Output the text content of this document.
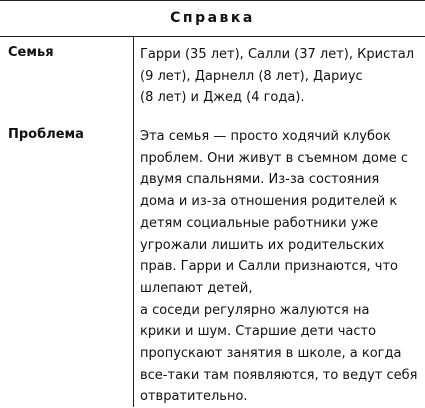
Справка
Семья	Гарри (35 лет), Салли (37 лет), Кристал
(9 лет), Дарнелл (8 лет), Дариус
(8 лет) и Джед (4 года).
Проблема	Эта семья — просто ходячий клубок
проблем. Они живут в съемном доме с
двумя спальнями. Из-за состояния
дома и из-за отношения родителей к
детям социальные работники уже
угрожали лишить их родительских
прав. Гарри и Салли признаются, что
шлепают детей,
а соседи регулярно жалуются на
крики и шум. Старшие дети часто
пропускают занятия в школе, а когда
все-таки там появляются, то ведут себя
отвратительно.
